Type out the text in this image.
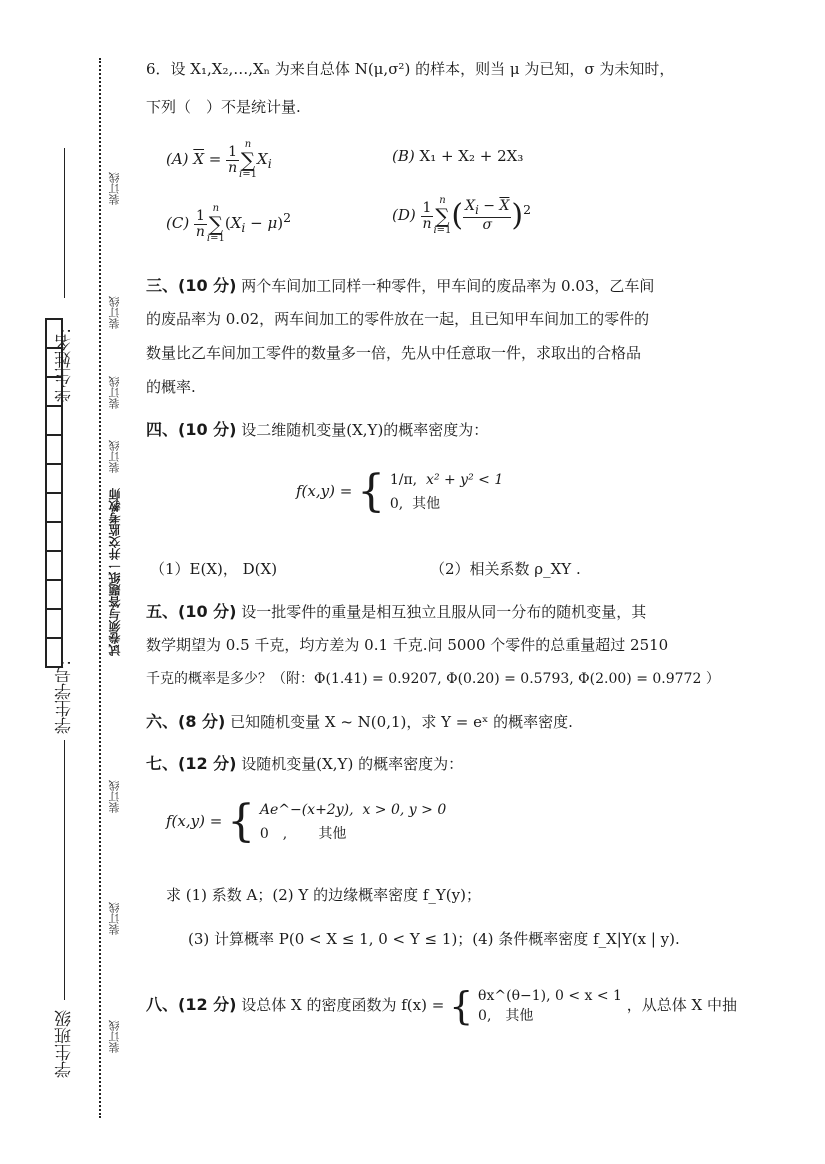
装订线
装订线
装订线
装订线
试卷须与答题纸一并交监考教师
装订线
装订线
装订线
学生姓名:
学生学号:
学生班级
6．设 X₁,X₂,…,Xₙ 为来自总体 N(μ,σ²) 的样本，则当 μ 为已知，σ 为未知时，
下列（　）不是统计量.
(A) $\overline{X} = \frac{1}{n}$ n
∑
$i=1X_i$	(B) X₁ + X₂ + 2X₃
$(C) \frac{1}{n}$ n
∑
$i=1(X_i - \mu)^2$	$(D) \frac{1}{n}$ n
∑
$i=1( \frac{X_i - \overline{X}}{\sigma} )^2$
三、(10 分) 两个车间加工同样一种零件，甲车间的废品率为 0.03，乙车间
的废品率为 0.02，两车间加工的零件放在一起，且已知甲车间加工的零件的
数量比乙车间加工零件的数量多一倍，先从中任意取一件，求取出的合格品
的概率.
四、(10 分) 设二维随机变量(X,Y)的概率密度为：
f(x,y) = { 1/π, x² + y² < 1
0, 其他
（1）E(X)， D(X)	（2）相关系数 ρ_XY .
五、(10 分) 设一批零件的重量是相互独立且服从同一分布的随机变量，其
数学期望为 0.5 千克，均方差为 0.1 千克.问 5000 个零件的总重量超过 2510
千克的概率是多少？（附：Φ(1.41) = 0.9207, Φ(0.20) = 0.5793, Φ(2.00) = 0.9772 ）
六、(8 分) 已知随机变量 X ~ N(0,1)，求 Y = eˣ 的概率密度.
七、(12 分) 设随机变量(X,Y) 的概率密度为：
f(x,y) = { Ae^−(x+2y), x > 0, y > 0
0　, 其他
求 (1) 系数 A；(2) Y 的边缘概率密度 f_Y(y)；
(3) 计算概率 P(0 < X ≤ 1, 0 < Y ≤ 1)；(4) 条件概率密度 f_X|Y(x | y).
八、(12 分) 设总体 X 的密度函数为 f(x) = { θx^(θ−1), 0 < x < 1
0,　其他
，从总体 X 中抽
